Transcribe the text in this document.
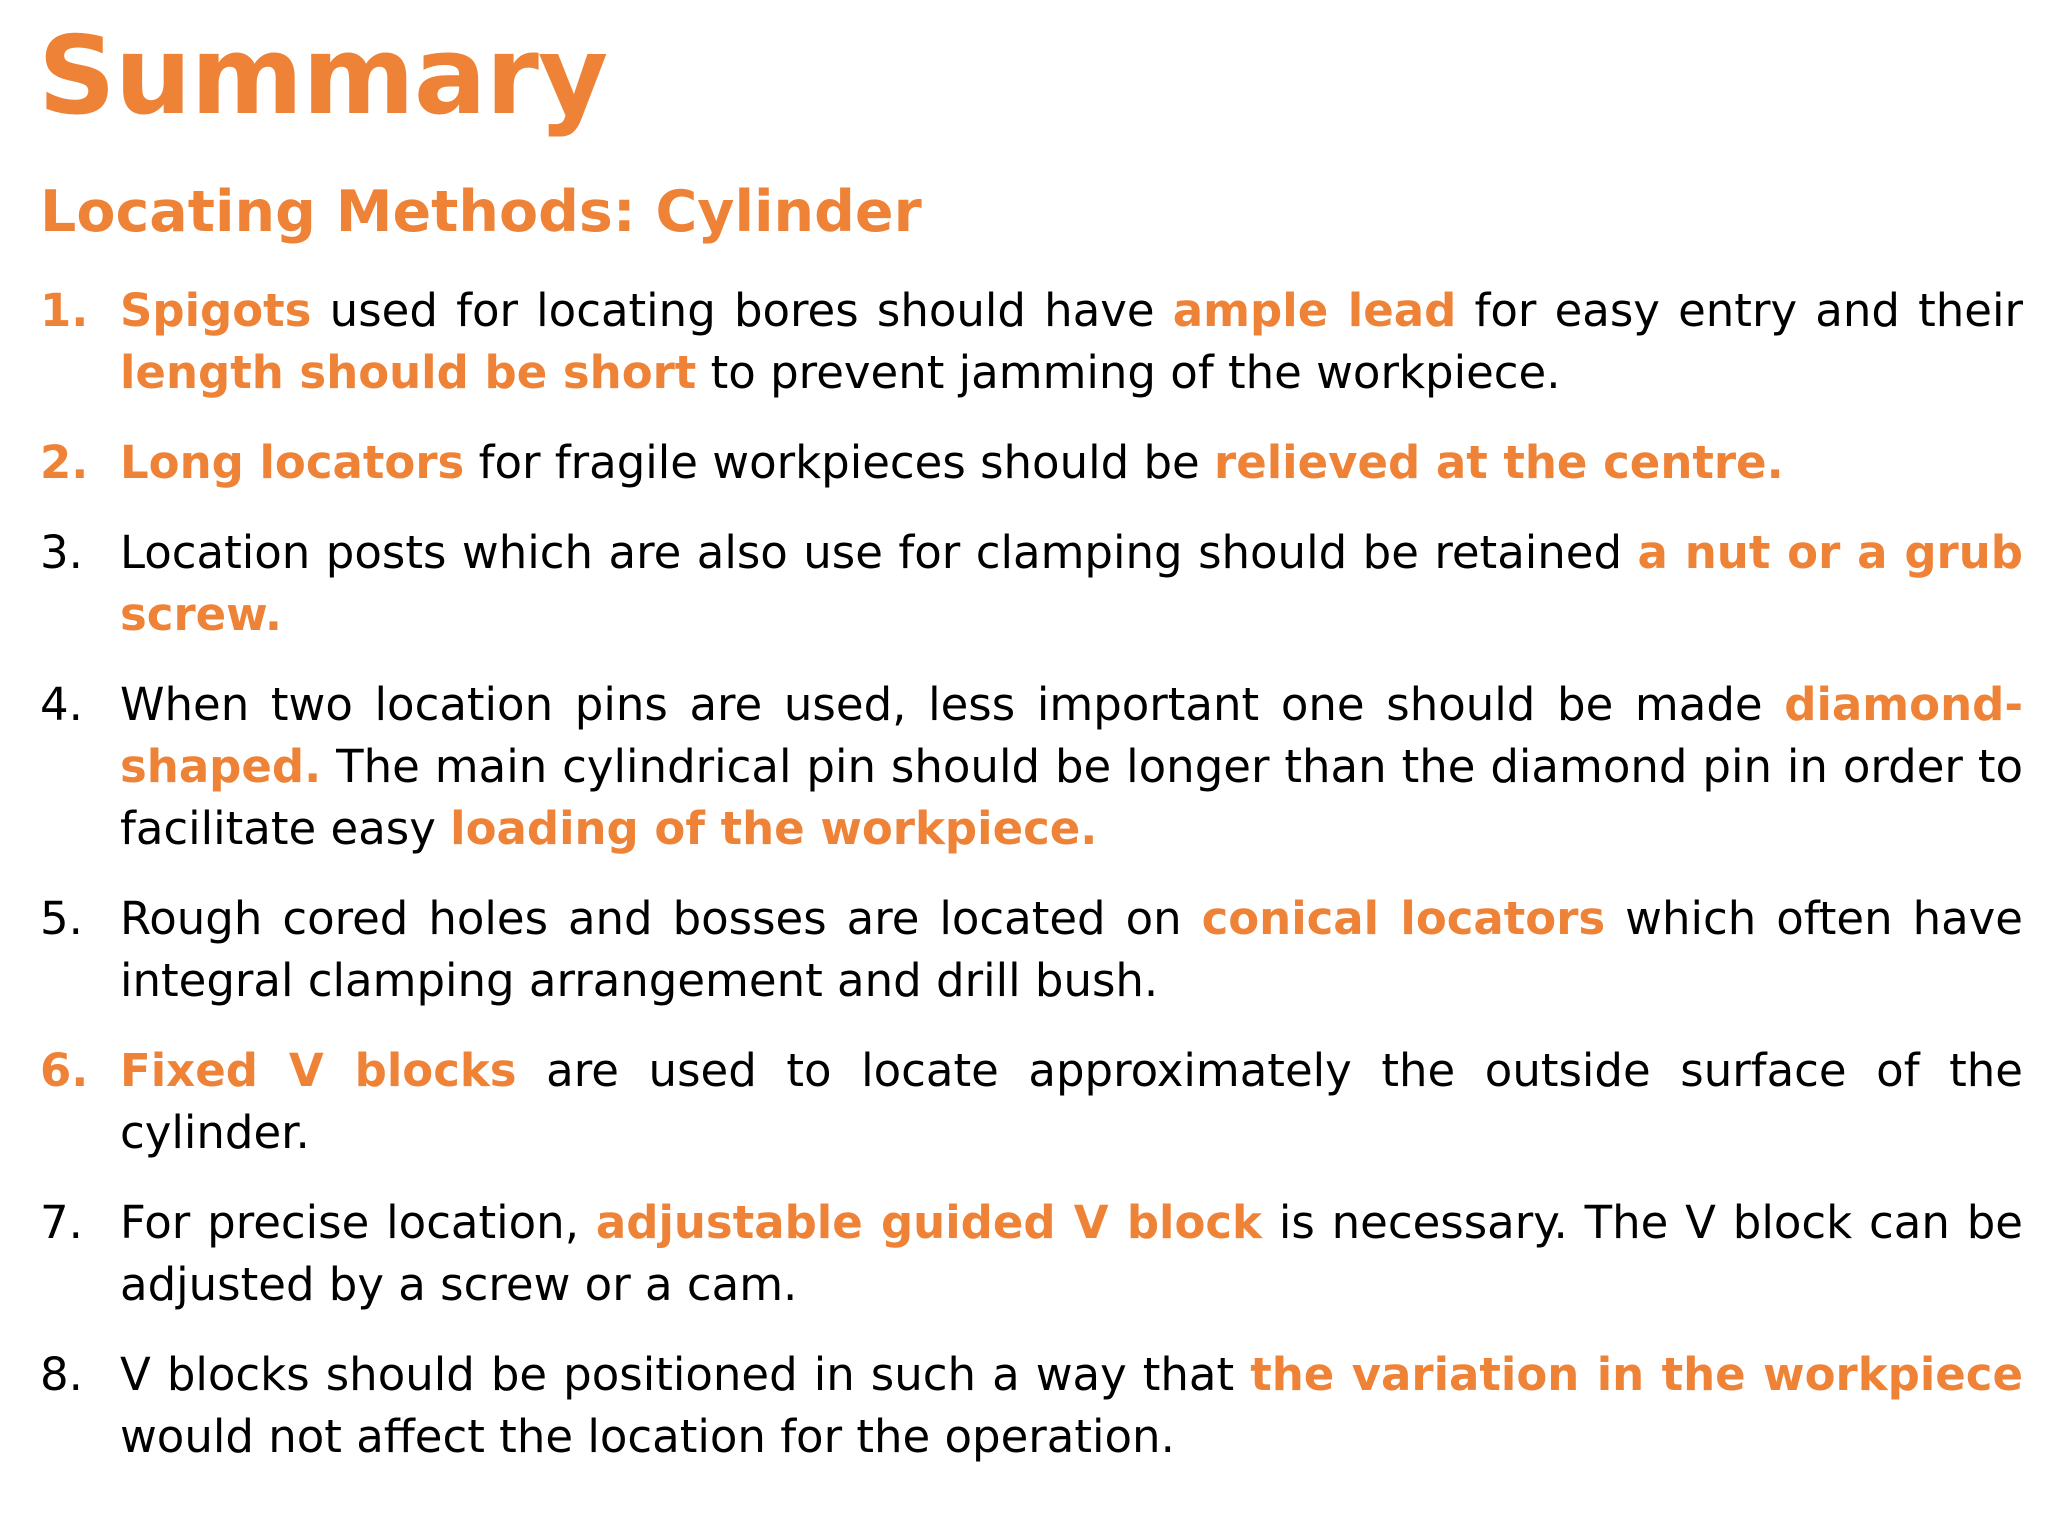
Summary
Locating Methods: Cylinder
1. Spigots used for locating bores should have ample lead for easy entry and their length should be short to prevent jamming of the workpiece.
2. Long locators for fragile workpieces should be relieved at the centre.
3. Location posts which are also use for clamping should be retained a nut or a grub screw.
4. When two location pins are used, less important one should be made diamond-shaped. The main cylindrical pin should be longer than the diamond pin in order to facilitate easy loading of the workpiece.
5. Rough cored holes and bosses are located on conical locators which often have integral clamping arrangement and drill bush.
6. Fixed V blocks are used to locate approximately the outside surface of the cylinder.
7. For precise location, adjustable guided V block is necessary. The V block can be adjusted by a screw or a cam.
8. V blocks should be positioned in such a way that the variation in the workpiece would not affect the location for the operation.
